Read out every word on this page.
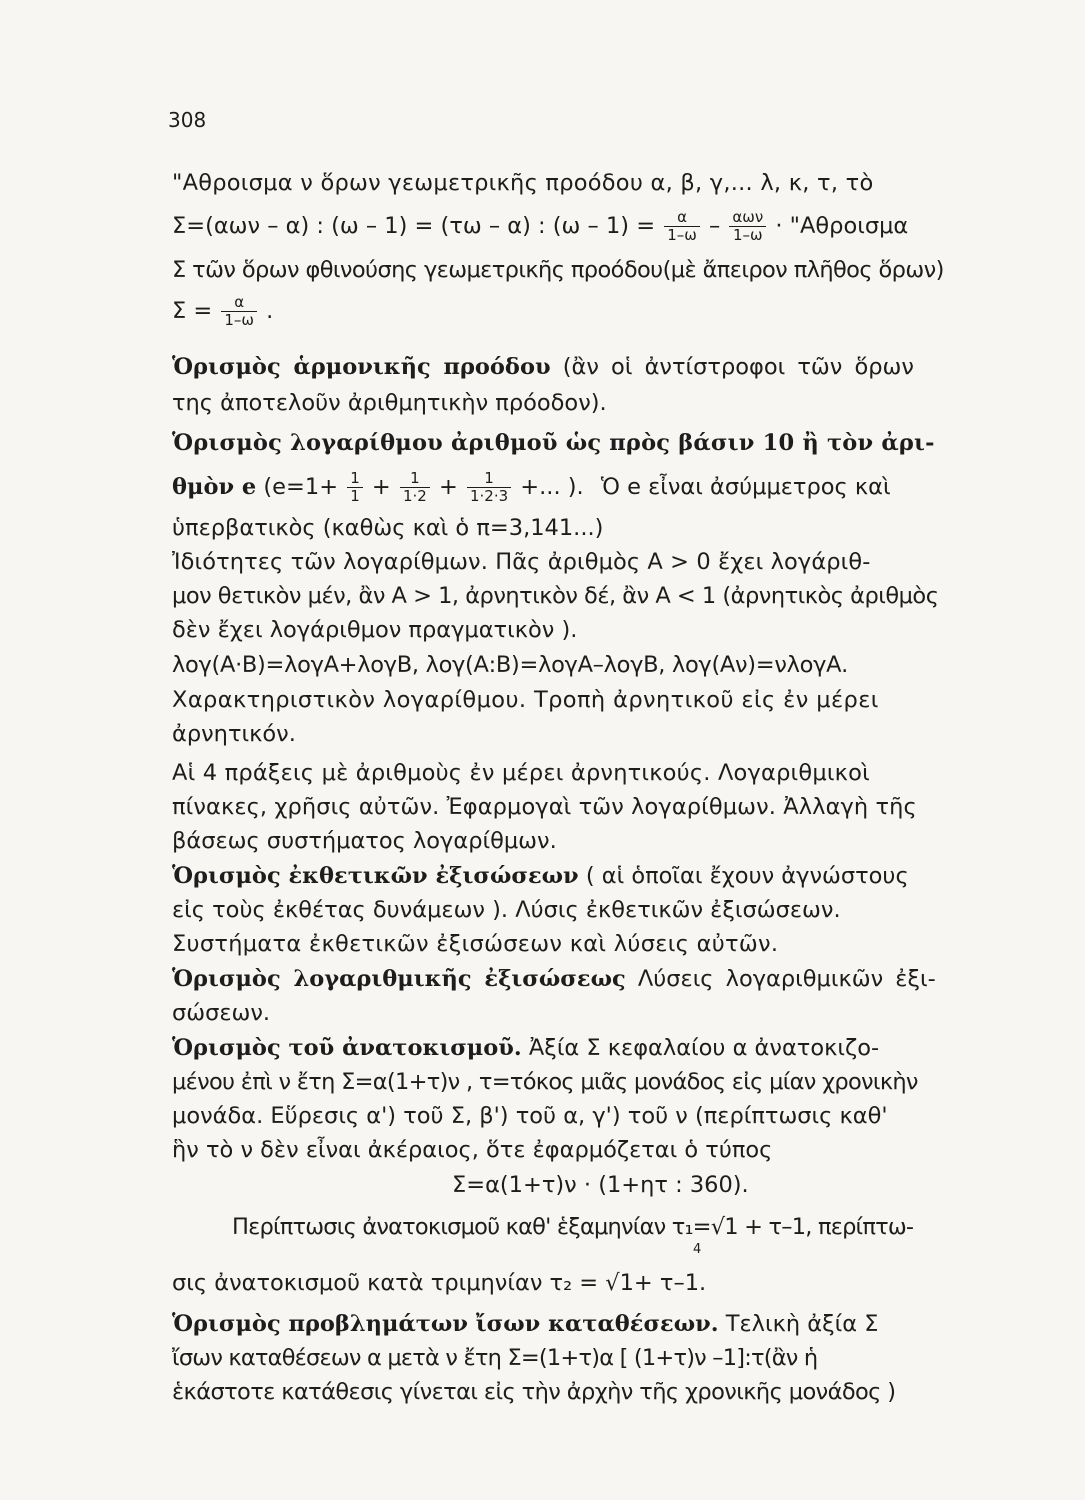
308
"Αθροισμα ν ὅρων γεωμετρικῆς προόδου α, β, γ,... λ, κ, τ, τὸ
Σ=(αων – α) : (ω – 1) = (τω – α) : $(\omega - 1) = \frac{\alpha}{1-\omega} - \frac{\text{αων}}{1-\omega}$ · "Αθροισμα
Σ τῶν ὅρων φθινούσης γεωμετρικῆς προόδου(μὲ ἄπειρον πλῆθος ὅρων)
$\Sigma = \frac{\alpha}{1-\omega}$ .
Ὁρισμὸς ἁρμονικῆς προόδου (ἂν οἱ ἀντίστροφοι τῶν ὅρων
της ἀποτελοῦν ἀριθμητικὴν πρόοδον).
Ὁρισμὸς λογαρίθμου ἀριθμοῦ ὡς πρὸς βάσιν 10 ἢ τὸν ἀρι-
θμὸν e ($e=1+ \frac{1}{1} + \frac{1}{1\cdot 2} + \frac{1}{1\cdot 2\cdot 3}$ +... ). Ὁ e εἶναι ἀσύμμετρος καὶ
ὑπερβατικὸς (καθὼς καὶ ὁ π=3,141...)
Ἰδιότητες τῶν λογαρίθμων. Πᾶς ἀριθμὸς Α > 0 ἔχει λογάριθ-
μον θετικὸν μέν, ἂν Α > 1, ἀρνητικὸν δέ, ἂν Α < 1 (ἀρνητικὸς ἀριθμὸς
δὲν ἔχει λογάριθμον πραγματικὸν ).
λογ(Α·Β)=λογΑ+λογΒ, λογ(Α:Β)=λογΑ–λογΒ, λογ(Αν)=νλογΑ.
Χαρακτηριστικὸν λογαρίθμου. Τροπὴ ἀρνητικοῦ εἰς ἐν μέρει
ἀρνητικόν.
Αἱ 4 πράξεις μὲ ἀριθμοὺς ἐν μέρει ἀρνητικούς. Λογαριθμικοὶ
πίνακες, χρῆσις αὐτῶν. Ἐφαρμογαὶ τῶν λογαρίθμων. Ἀλλαγὴ τῆς
βάσεως συστήματος λογαρίθμων.
Ὁρισμὸς ἐκθετικῶν ἐξισώσεων ( αἱ ὁποῖαι ἔχουν ἀγνώστους
εἰς τοὺς ἐκθέτας δυνάμεων ). Λύσις ἐκθετικῶν ἐξισώσεων.
Συστήματα ἐκθετικῶν ἐξισώσεων καὶ λύσεις αὐτῶν.
Ὁρισμὸς λογαριθμικῆς ἐξισώσεως Λύσεις λογαριθμικῶν ἐξι-
σώσεων.
Ὁρισμὸς τοῦ ἀνατοκισμοῦ. Ἀξία Σ κεφαλαίου α ἀνατοκιζο-
μένου ἐπὶ ν ἔτη Σ=α(1+τ)ν , τ=τόκος μιᾶς μονάδος εἰς μίαν χρονικὴν
μονάδα. Εὕρεσις α') τοῦ Σ, β') τοῦ α, γ') τοῦ ν (περίπτωσις καθ'
ἣν τὸ ν δὲν εἶναι ἀκέραιος, ὅτε ἐφαρμόζεται ὁ τύπος
Σ=α(1+τ)ν · (1+ητ : 360).
Περίπτωσις ἀνατοκισμοῦ καθ' ἑξαμηνίαν τ₁=√1 + τ–1, περίπτω-
4
σις ἀνατοκισμοῦ κατὰ τριμηνίαν τ₂ = √1+ τ–1.
Ὁρισμὸς προβλημάτων ἴσων καταθέσεων. Τελικὴ ἀξία Σ
ἴσων καταθέσεων α μετὰ ν ἔτη Σ=(1+τ)α [ (1+τ)ν –1]:τ(ἂν ἡ
ἑκάστοτε κατάθεσις γίνεται εἰς τὴν ἀρχὴν τῆς χρονικῆς μονάδος )
